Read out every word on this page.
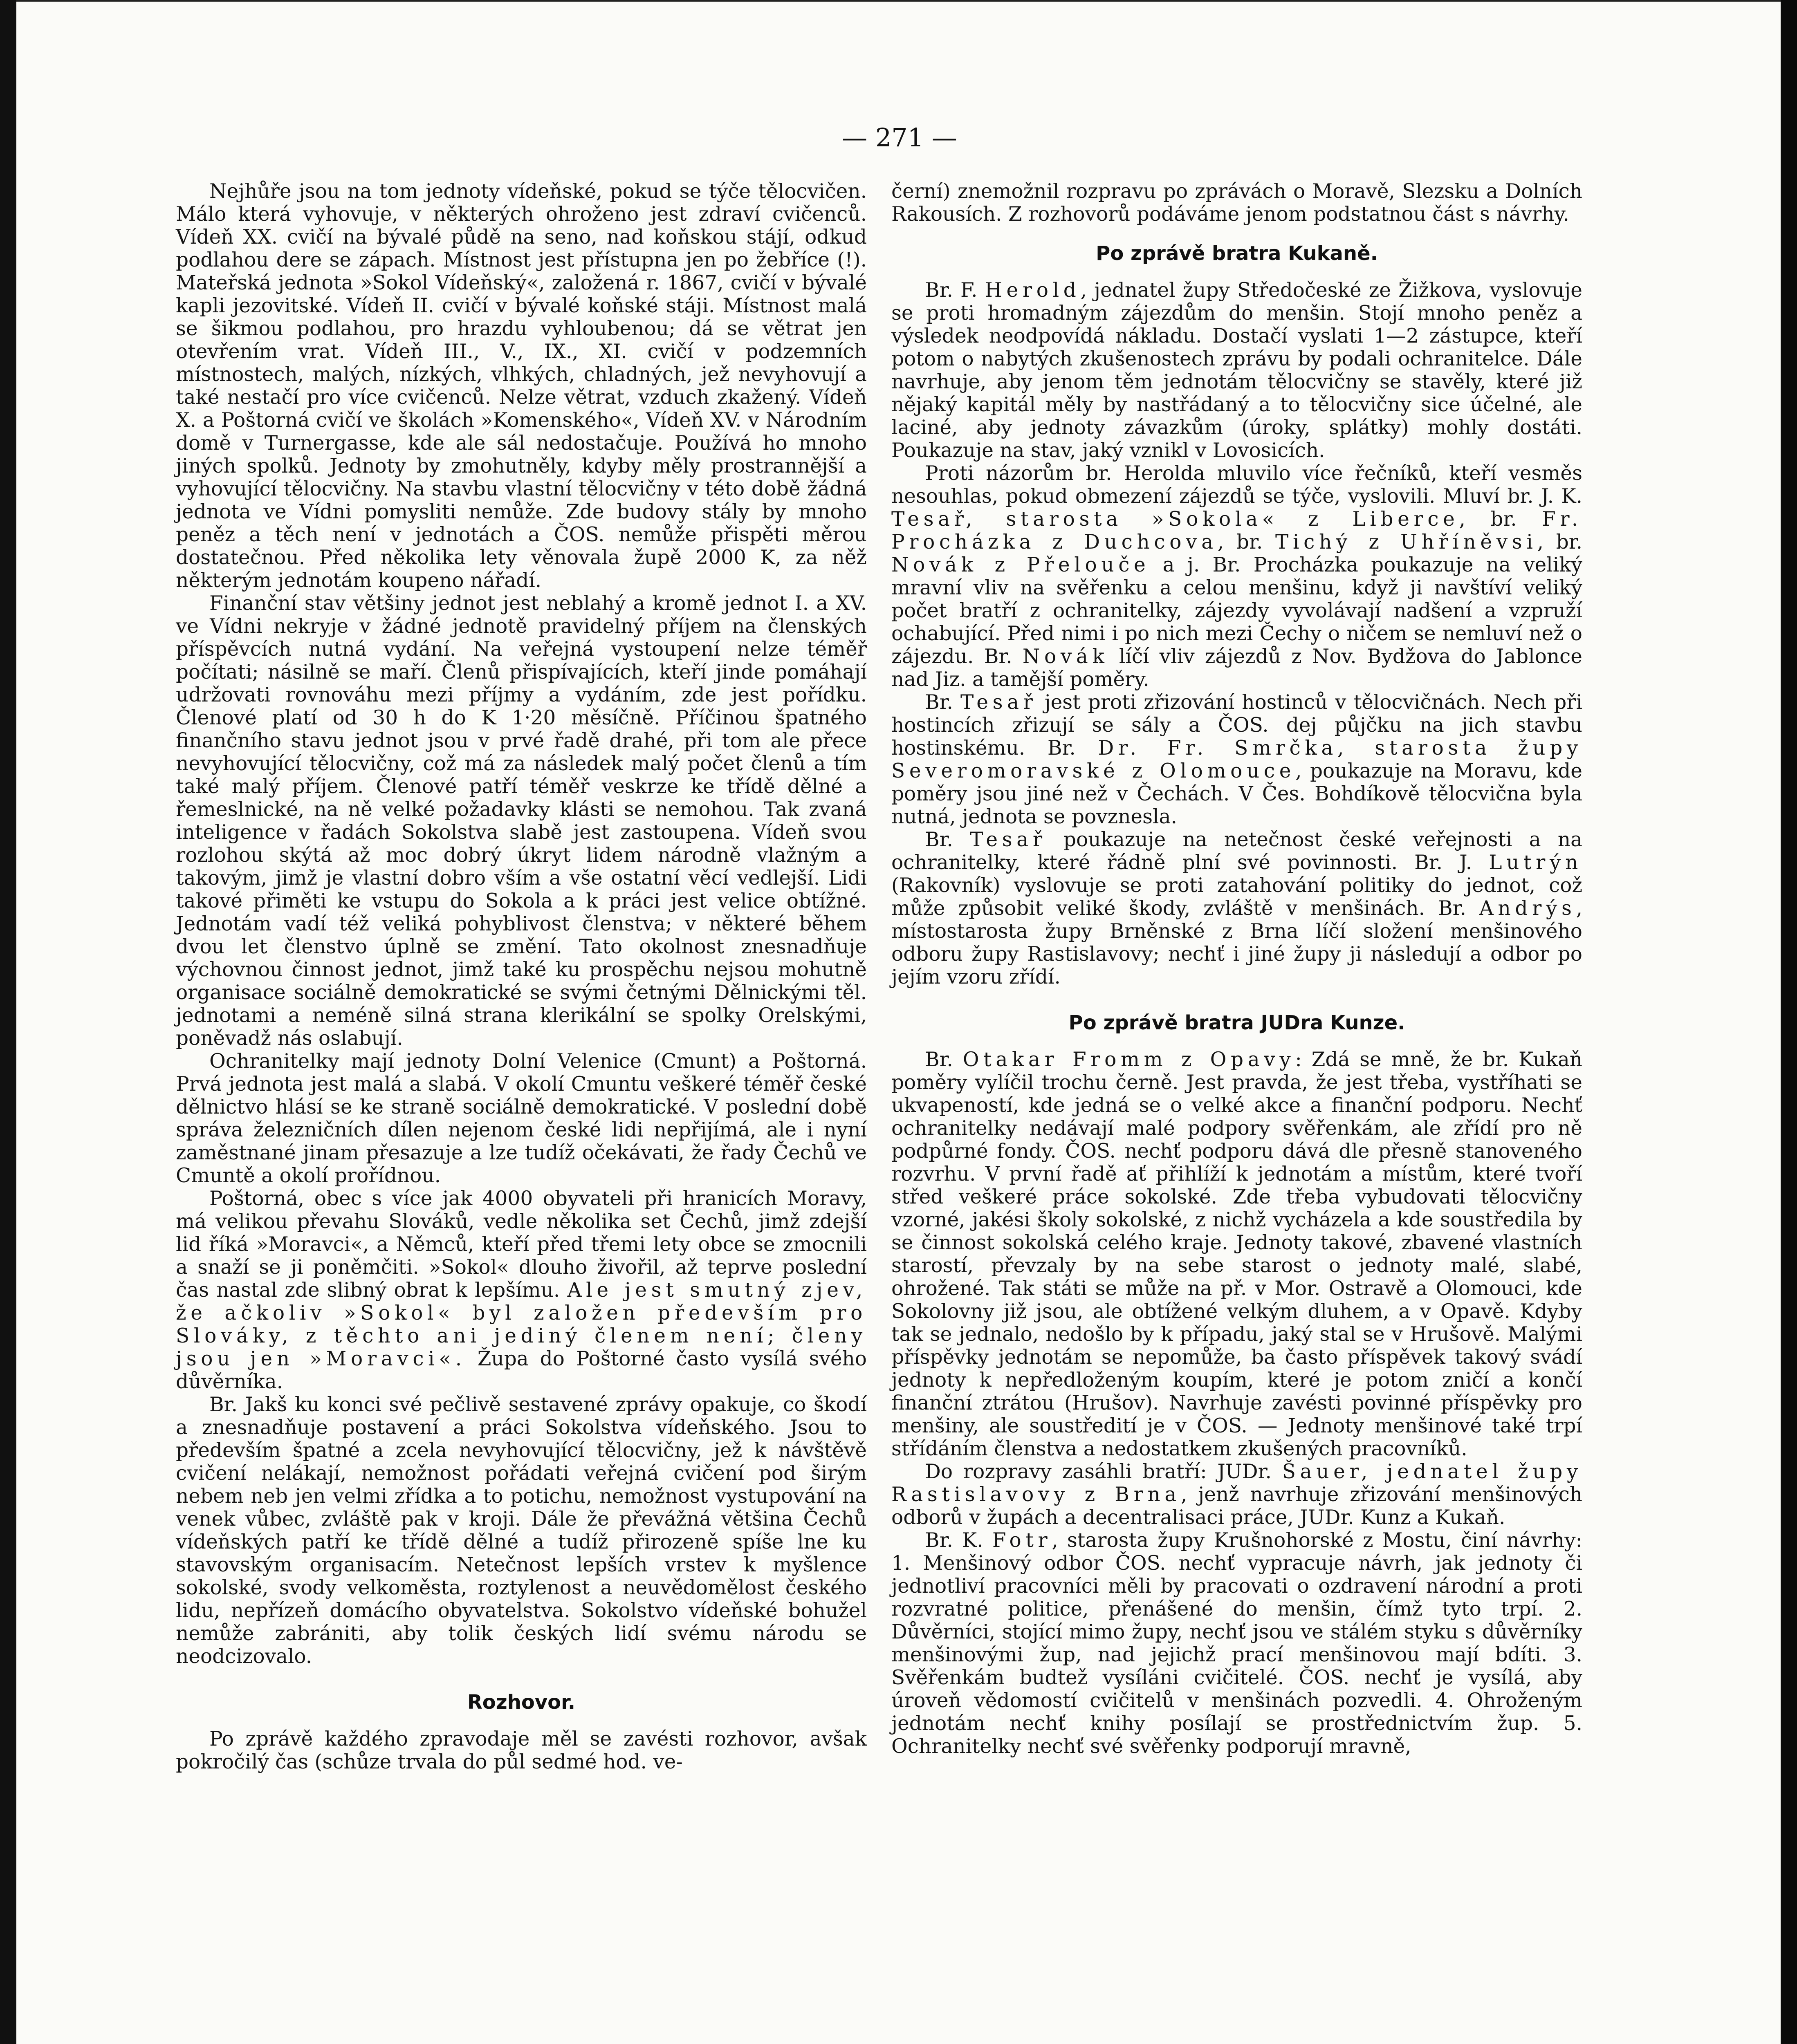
— 271 —

Nejhůře jsou na tom jednoty vídeňské, pokud se týče tělocvičen. Málo která vyhovuje, v některých ohroženo jest zdraví cvičenců. Vídeň XX. cvičí na bývalé půdě na seno, nad koňskou stájí, odkud podlahou dere se zápach. Místnost jest přístupna jen po žebříce (!). Mateřská jednota »Sokol Vídeňský«, založená r. 1867, cvičí v bývalé kapli jezovitské. Vídeň II. cvičí v bývalé koňské stáji. Místnost malá se šikmou podlahou, pro hrazdu vyhloubenou; dá se větrat jen otevřením vrat. Vídeň III., V., IX., XI. cvičí v podzemních místnostech, malých, nízkých, vlhkých, chladných, jež nevyhovují a také nestačí pro více cvičenců. Nelze větrat, vzduch zkažený. Vídeň X. a Poštorná cvičí ve školách »Komenského«, Vídeň XV. v Národním domě v Turnergasse, kde ale sál nedostačuje. Používá ho mnoho jiných spolků. Jednoty by zmohutněly, kdyby měly prostrannější a vyhovující tělocvičny. Na stavbu vlastní tělocvičny v této době žádná jednota ve Vídni pomysliti nemůže. Zde budovy stály by mnoho peněz a těch není v jednotách a ČOS. nemůže přispěti měrou dostatečnou. Před několika lety věnovala župě 2000 K, za něž některým jednotám koupeno nářadí.

Finanční stav většiny jednot jest neblahý a kromě jednot I. a XV. ve Vídni nekryje v žádné jednotě pravidelný příjem na členských příspěvcích nutná vydání. Na veřejná vystoupení nelze téměř počítati; násilně se maří. Členů přispívajících, kteří jinde pomáhají udržovati rovnováhu mezi příjmy a vydáním, zde jest pořídku. Členové platí od 30 h do K 1·20 měsíčně. Příčinou špatného finančního stavu jednot jsou v prvé řadě drahé, při tom ale přece nevyhovující tělocvičny, což má za následek malý počet členů a tím také malý příjem. Členové patří téměř veskrze ke třídě dělné a řemeslnické, na ně velké požadavky klásti se nemohou. Tak zvaná inteligence v řadách Sokolstva slabě jest zastoupena. Vídeň svou rozlohou skýtá až moc dobrý úkryt lidem národně vlažným a takovým, jimž je vlastní dobro vším a vše ostatní věcí vedlejší. Lidi takové přiměti ke vstupu do Sokola a k práci jest velice obtížné. Jednotám vadí též veliká pohyblivost členstva; v některé během dvou let členstvo úplně se změní. Tato okolnost znesnadňuje výchovnou činnost jednot, jimž také ku prospěchu nejsou mohutně organisace sociálně demokratické se svými četnými Dělnickými těl. jednotami a neméně silná strana klerikální se spolky Orelskými, poněvadž nás oslabují.

Ochranitelky mají jednoty Dolní Velenice (Cmunt) a Poštorná. Prvá jednota jest malá a slabá. V okolí Cmuntu veškeré téměř české dělnictvo hlásí se ke straně sociálně demokratické. V poslední době správa železničních dílen nejenom české lidi nepřijímá, ale i nyní zaměstnané jinam přesazuje a lze tudíž očekávati, že řady Čechů ve Cmuntě a okolí prořídnou.

Poštorná, obec s více jak 4000 obyvateli při hranicích Moravy, má velikou převahu Slováků, vedle několika set Čechů, jimž zdejší lid říká »Moravci«, a Němců, kteří před třemi lety obce se zmocnili a snaží se ji poněmčiti. »Sokol« dlouho živořil, až teprve poslední čas nastal zde slibný obrat k lepšímu. Ale jest smutný zjev, že ačkoliv »Sokol« byl založen především pro Slováky, z těchto ani jediný členem není; členy jsou jen »Moravci«. Župa do Poštorné často vysílá svého důvěrníka.

Br. Jakš ku konci své pečlivě sestavené zprávy opakuje, co škodí a znesnadňuje postavení a práci Sokolstva vídeňského. Jsou to především špatné a zcela nevyhovující tělocvičny, jež k návštěvě cvičení nelákají, nemožnost pořádati veřejná cvičení pod širým nebem neb jen velmi zřídka a to potichu, nemožnost vystupování na venek vůbec, zvláště pak v kroji. Dále že převážná většina Čechů vídeňských patří ke třídě dělné a tudíž přirozeně spíše lne ku stavovským organisacím. Netečnost lepších vrstev k myšlence sokolské, svody velkoměsta, roztylenost a neuvědomělost českého lidu, nepřízeň domácího obyvatelstva. Sokolstvo vídeňské bohužel nemůže zabrániti, aby tolik českých lidí svému národu se neodcizovalo.

Rozhovor.

Po zprávě každého zpravodaje měl se zavésti rozhovor, avšak pokročilý čas (schůze trvala do půl sedmé hod. ve-

černí) znemožnil rozpravu po zprávách o Moravě, Slezsku a Dolních Rakousích. Z rozhovorů podáváme jenom podstatnou část s návrhy.

Po zprávě bratra Kukaně.

Br. F. Herold, jednatel župy Středočeské ze Žižkova, vyslovuje se proti hromadným zájezdům do menšin. Stojí mnoho peněz a výsledek neodpovídá nákladu. Dostačí vyslati 1—2 zástupce, kteří potom o nabytých zkušenostech zprávu by podali ochranitelce. Dále navrhuje, aby jenom těm jednotám tělocvičny se stavěly, které již nějaký kapitál měly by nastřádaný a to tělocvičny sice účelné, ale laciné, aby jednoty závazkům (úroky, splátky) mohly dostáti. Poukazuje na stav, jaký vznikl v Lovosicích.

Proti názorům br. Herolda mluvilo více řečníků, kteří vesměs nesouhlas, pokud obmezení zájezdů se týče, vyslovili. Mluví br. J. K. Tesař, starosta »Sokola« z Liberce, br. Fr. Procházka z Duchcova, br. Tichý z Uhříněvsi, br. Novák z Přelouče a j. Br. Procházka poukazuje na veliký mravní vliv na svěřenku a celou menšinu, když ji navštíví veliký počet bratří z ochranitelky, zájezdy vyvolávají nadšení a vzpruží ochabující. Před nimi i po nich mezi Čechy o ničem se nemluví než o zájezdu. Br. Novák líčí vliv zájezdů z Nov. Bydžova do Jablonce nad Jiz. a tamější poměry.

Br. Tesař jest proti zřizování hostinců v tělocvičnách. Nech při hostincích zřizují se sály a ČOS. dej půjčku na jich stavbu hostinskému. Br. Dr. Fr. Smrčka, starosta župy Severomoravské z Olomouce, poukazuje na Moravu, kde poměry jsou jiné než v Čechách. V Čes. Bohdíkově tělocvična byla nutná, jednota se povznesla.

Br. Tesař poukazuje na netečnost české veřejnosti a na ochranitelky, které řádně plní své povinnosti. Br. J. Lutrýn (Rakovník) vyslovuje se proti zatahování politiky do jednot, což může způsobit veliké škody, zvláště v menšinách. Br. Andrýs, místostarosta župy Brněnské z Brna líčí složení menšinového odboru župy Rastislavovy; nechť i jiné župy ji následují a odbor po jejím vzoru zřídí.

Po zprávě bratra JUDra Kunze.

Br. Otakar Fromm z Opavy: Zdá se mně, že br. Kukaň poměry vylíčil trochu černě. Jest pravda, že jest třeba, vystříhati se ukvapeností, kde jedná se o velké akce a finanční podporu. Nechť ochranitelky nedávají malé podpory svěřenkám, ale zřídí pro ně podpůrné fondy. ČOS. nechť podporu dává dle přesně stanoveného rozvrhu. V první řadě ať přihlíží k jednotám a místům, které tvoří střed veškeré práce sokolské. Zde třeba vybudovati tělocvičny vzorné, jakési školy sokolské, z nichž vycházela a kde soustředila by se činnost sokolská celého kraje. Jednoty takové, zbavené vlastních starostí, převzaly by na sebe starost o jednoty malé, slabé, ohrožené. Tak státi se může na př. v Mor. Ostravě a Olomouci, kde Sokolovny již jsou, ale obtížené velkým dluhem, a v Opavě. Kdyby tak se jednalo, nedošlo by k případu, jaký stal se v Hrušově. Malými příspěvky jednotám se nepomůže, ba často příspěvek takový svádí jednoty k nepředloženým koupím, které je potom zničí a končí finanční ztrátou (Hrušov). Navrhuje zavésti povinné příspěvky pro menšiny, ale soustředití je v ČOS. — Jednoty menšinové také trpí střídáním členstva a nedostatkem zkušených pracovníků.

Do rozpravy zasáhli bratří: JUDr. Šauer, jednatel župy Rastislavovy z Brna, jenž navrhuje zřizování menšinových odborů v župách a decentralisaci práce, JUDr. Kunz a Kukaň.

Br. K. Fotr, starosta župy Krušnohorské z Mostu, činí návrhy: 1. Menšinový odbor ČOS. nechť vypracuje návrh, jak jednoty či jednotliví pracovníci měli by pracovati o ozdravení národní a proti rozvratné politice, přenášené do menšin, čímž tyto trpí. 2. Důvěrníci, stojící mimo župy, nechť jsou ve stálém styku s důvěrníky menšinovými žup, nad jejichž prací menšinovou mají bdíti. 3. Svěřenkám budtež vysíláni cvičitelé. ČOS. nechť je vysílá, aby úroveň vědomostí cvičitelů v menšinách pozvedli. 4. Ohroženým jednotám nechť knihy posílají se prostřednictvím žup. 5. Ochranitelky nechť své svěřenky podporují mravně,
